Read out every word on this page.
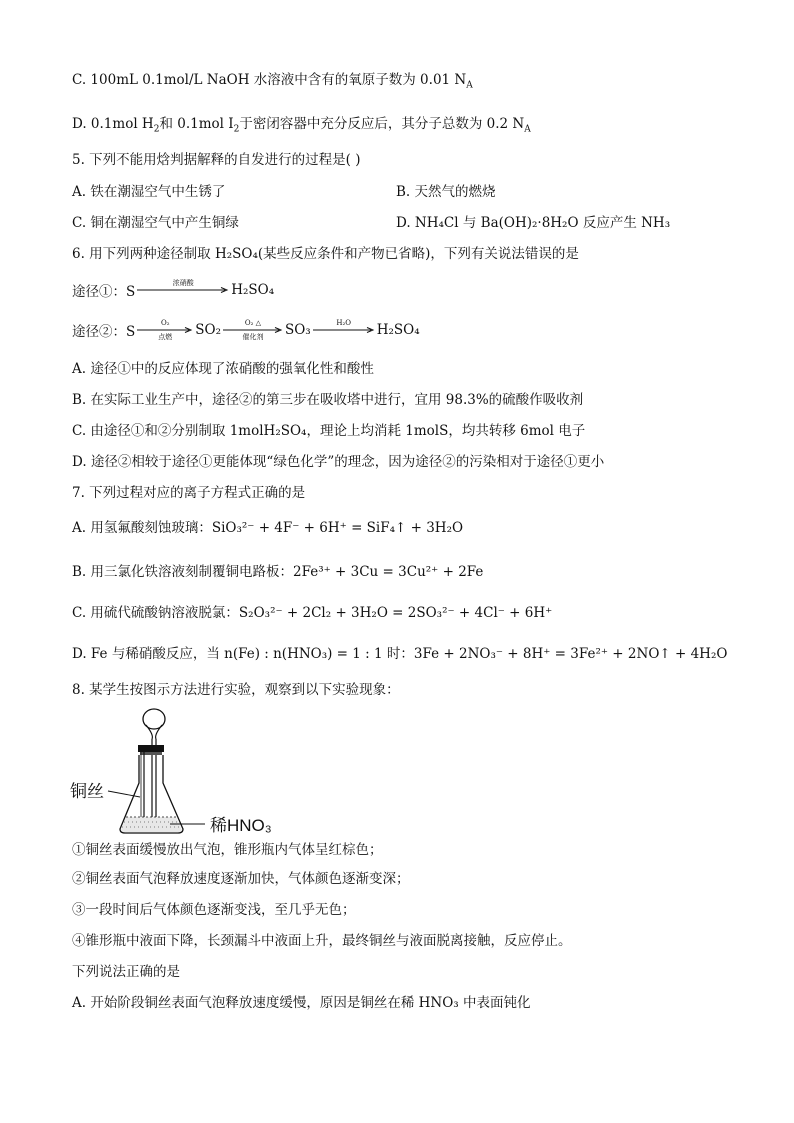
C. 100mL 0.1mol/L NaOH 水溶液中含有的氧原子数为 0.01 $N_A$
D. 0.1mol $H_2$和 0.1mol $I_2$于密闭容器中充分反应后，其分子总数为 0.2 $N_A$
5. 下列不能用焓判据解释的自发进行的过程是( )
A. 铁在潮湿空气中生锈了	B. 天然气的燃烧
C. 铜在潮湿空气中产生铜绿	D. NH₄Cl 与 Ba(OH)₂·8H₂O 反应产生 NH₃
6. 用下列两种途径制取 H₂SO₄(某些反应条件和产物已省略)，下列有关说法错误的是
途径①：S
浓硝酸	H₂SO₄
途径②：S
O₂
点燃 SO₂	O₂ △
催化剂 SO₃	H₂O H₂SO₄
A. 途径①中的反应体现了浓硝酸的强氧化性和酸性
B. 在实际工业生产中，途径②的第三步在吸收塔中进行，宜用 98.3%的硫酸作吸收剂
C. 由途径①和②分别制取 1molH₂SO₄，理论上均消耗 1molS，均共转移 6mol 电子
D. 途径②相较于途径①更能体现“绿色化学”的理念，因为途径②的污染相对于途径①更小
7. 下列过程对应的离子方程式正确的是
A. 用氢氟酸刻蚀玻璃：SiO₃²⁻ + 4F⁻ + 6H⁺ = SiF₄↑ + 3H₂O
B. 用三氯化铁溶液刻制覆铜电路板：2Fe³⁺ + 3Cu = 3Cu²⁺ + 2Fe
C. 用硫代硫酸钠溶液脱氯：S₂O₃²⁻ + 2Cl₂ + 3H₂O = 2SO₃²⁻ + 4Cl⁻ + 6H⁺
D. Fe 与稀硝酸反应，当 n(Fe) : n(HNO₃) = 1 : 1 时：3Fe + 2NO₃⁻ + 8H⁺ = 3Fe²⁺ + 2NO↑ + 4H₂O
8. 某学生按图示方法进行实验，观察到以下实验现象：
铜丝
稀HNO₃
①铜丝表面缓慢放出气泡，锥形瓶内气体呈红棕色；
②铜丝表面气泡释放速度逐渐加快，气体颜色逐渐变深；
③一段时间后气体颜色逐渐变浅，至几乎无色；
④锥形瓶中液面下降，长颈漏斗中液面上升，最终铜丝与液面脱离接触，反应停止。
下列说法正确的是
A. 开始阶段铜丝表面气泡释放速度缓慢，原因是铜丝在稀 HNO₃ 中表面钝化
